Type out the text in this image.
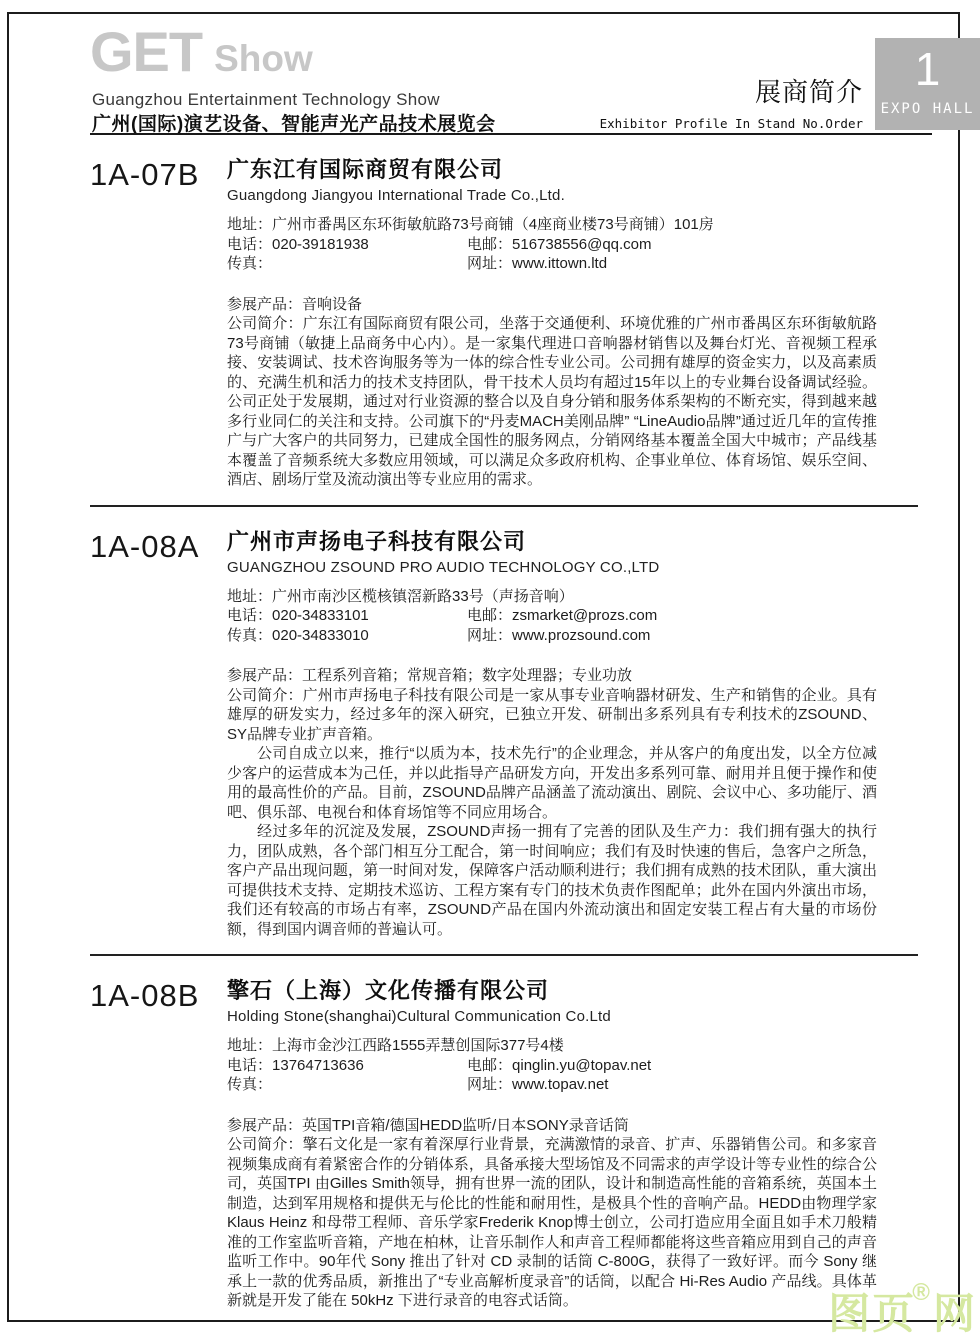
1
EXPO HALL
GET Show
Guangzhou Entertainment Technology Show
广州(国际)演艺设备、智能声光产品技术展览会
展商简介
Exhibitor Profile In Stand No.Order
1A-07B 广东江有国际商贸有限公司
Guangdong Jiangyou International Trade Co.,Ltd.
地址：广州市番禺区东环街敏航路73号商铺（4座商业楼73号商铺）101房
电话：020-39181938	电邮：516738556@qq.com
传真：	网址：www.ittown.ltd

参展产品：音响设备

公司简介：广东江有国际商贸有限公司，坐落于交通便利、环境优雅的广州市番禺区东环街敏航路73号商铺（敏捷上品商务中心内）。是一家集代理进口音响器材销售以及舞台灯光、音视频工程承接、安装调试、技术咨询服务等为一体的综合性专业公司。公司拥有雄厚的资金实力，以及高素质的、充满生机和活力的技术支持团队，骨干技术人员均有超过15年以上的专业舞台设备调试经验。公司正处于发展期，通过对行业资源的整合以及自身分销和服务体系架构的不断充实，得到越来越多行业同仁的关注和支持。公司旗下的“丹麦MACH美刚品牌” “LineAudio品牌”通过近几年的宣传推广与广大客户的共同努力，已建成全国性的服务网点，分销网络基本覆盖全国大中城市；产品线基本覆盖了音频系统大多数应用领域，可以满足众多政府机构、企事业单位、体育场馆、娱乐空间、酒店、剧场厅堂及流动演出等专业应用的需求。

1A-08A 广州市声扬电子科技有限公司
GUANGZHOU ZSOUND PRO AUDIO TECHNOLOGY CO.,LTD
地址：广州市南沙区榄核镇滘新路33号（声扬音响）
电话：020-34833101	电邮：zsmarket@prozs.com
传真：020-34833010	网址：www.prozsound.com

参展产品：工程系列音箱；常规音箱；数字处理器；专业功放

公司简介：广州市声扬电子科技有限公司是一家从事专业音响器材研发、生产和销售的企业。具有雄厚的研发实力，经过多年的深入研究，已独立开发、研制出多系列具有专利技术的ZSOUND、SY品牌专业扩声音箱。

公司自成立以来，推行“以质为本，技术先行”的企业理念，并从客户的角度出发，以全方位减少客户的运营成本为己任，并以此指导产品研发方向，开发出多系列可靠、耐用并且便于操作和使用的最高性价的产品。目前，ZSOUND品牌产品涵盖了流动演出、剧院、会议中心、多功能厅、酒吧、俱乐部、电视台和体育场馆等不同应用场合。

经过多年的沉淀及发展，ZSOUND声扬一拥有了完善的团队及生产力：我们拥有强大的执行力，团队成熟，各个部门相互分工配合，第一时间响应；我们有及时快速的售后，急客户之所急，客户产品出现问题，第一时间对发，保障客户活动顺利进行；我们拥有成熟的技术团队，重大演出可提供技术支持、定期技术巡访、工程方案有专门的技术负责作图配单；此外在国内外演出市场，我们还有较高的市场占有率，ZSOUND产品在国内外流动演出和固定安装工程占有大量的市场份额，得到国内调音师的普遍认可。

1A-08B 擎石（上海）文化传播有限公司
Holding Stone(shanghai)Cultural Communication Co.Ltd
地址：上海市金沙江西路1555弄慧创国际377号4楼
电话：13764713636	电邮：qinglin.yu@topav.net
传真：	网址：www.topav.net

参展产品：英国TPI音箱/德国HEDD监听/日本SONY录音话筒

公司简介：擎石文化是一家有着深厚行业背景，充满激情的录音、扩声、乐器销售公司。和多家音视频集成商有着紧密合作的分销体系，具备承接大型场馆及不同需求的声学设计等专业性的综合公司，英国TPI 由Gilles Smith领导，拥有世界一流的团队，设计和制造高性能的音箱系统，英国本土制造，达到军用规格和提供无与伦比的性能和耐用性，是极具个性的音响产品。HEDD由物理学家Klaus Heinz 和母带工程师、音乐学家Frederik Knop博士创立，公司打造应用全面且如手术刀般精准的工作室监听音箱，产地在柏林，让音乐制作人和声音工程师都能将这些音箱应用到自己的声音监听工作中。90年代 Sony 推出了针对 CD 录制的话筒 C-800G，获得了一致好评。而今 Sony 继承上一款的优秀品质，新推出了“专业高解析度录音”的话筒，以配合 Hi-Res Audio 产品线。具体革新就是开发了能在 50kHz 下进行录音的电容式话筒。	图页
® 网
